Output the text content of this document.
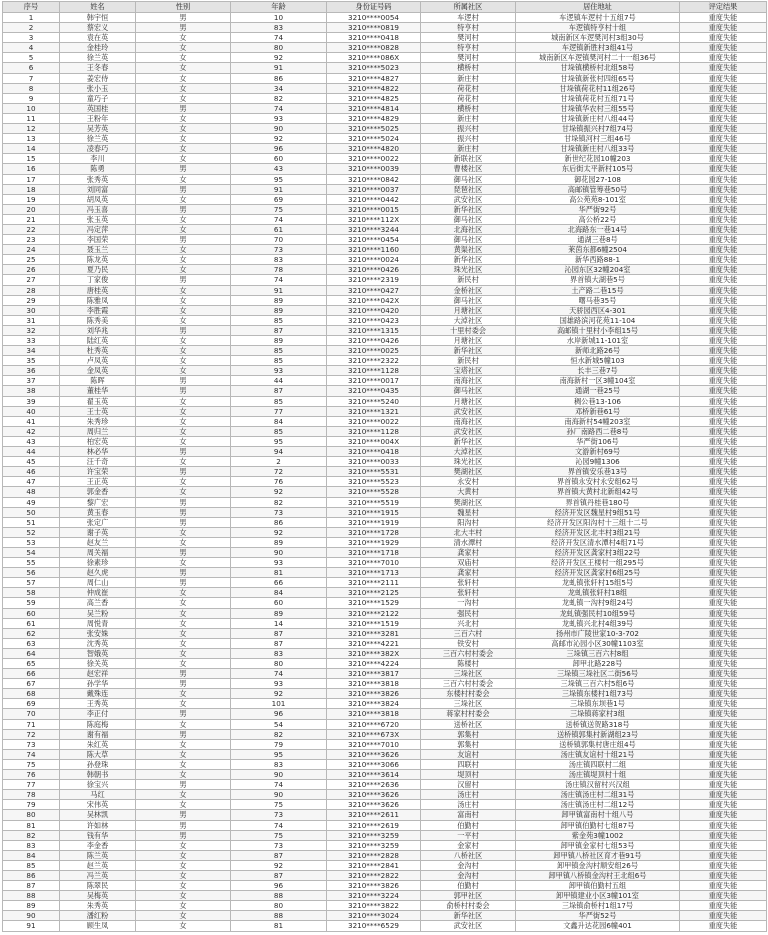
序号	姓名	性别	年龄	身份证号码	所属社区	居住地址	评定结果
1	韩宇恒	男	10	3210****0054	车逻村	车逻镇车逻村十五组7号	重度失能
2	蔡宏义	男	83	3210****0819	特亨村	车逻镇特亨村十组	重度失能
3	袁在英	女	74	3210****0418	樊河村	城南新区车逻樊河村3组30号	重度失能
4	金桂玲	女	80	3210****0828	特亨村	车逻镇新胜村3组41号	重度失能
5	徐兰英	女	92	3210****086X	樊河村	城南新区车逻镇樊河村二十一组36号	重度失能
6	王冬春	女	91	3210****5023	横桥村	甘垛镇横桥村北组58号	重度失能
7	姜宏侍	女	86	3210****4827	新庄村	甘垛镇新张村四组65号	重度失能
8	张小玉	女	34	3210****4822	荷花村	甘垛镇荷花村11组26号	重度失能
9	童巧子	女	82	3210****4825	荷花村	甘垛镇荷花村五组71号	重度失能
10	英国桂	男	74	3210****4814	横桥村	甘垛镇华农村三组55号	重度失能
11	王粉年	女	93	3210****4829	新庄村	甘垛镇新庄村八组44号	重度失能
12	吴芳英	女	90	3210****5025	振兴村	甘垛镇振兴村7组74号	重度失能
13	徐兰英	女	92	3210****5024	振兴村	甘垛镇河村三组46号	重度失能
14	凌春巧	女	96	3210****4820	新庄村	甘垛镇新庄村八组33号	重度失能
15	李川	女	60	3210****0022	新联社区	新世纪花园10幢203	重度失能
16	陈勇	男	43	3210****0039	曹楼社区	东后街太平新村105号	重度失能
17	张秀英	女	95	3210****0842	御马社区	御花园27-108	重度失能
18	刘同富	男	91	3210****0037	琵琶社区	高邮镇管筹巷50号	重度失能
19	胡凤英	女	69	3210****0442	武安社区	高公苑苑8-101室	重度失能
20	冯玉喜	男	75	3210****0015	新华社区	华严街92号	重度失能
21	张玉英	女	74	3210****112X	御马社区	高公桥22号	重度失能
22	冯定萍	女	61	3210****3244	北海社区	北海路东一巷14号	重度失能
23	李国荣	男	70	3210****0454	御马社区	通湖三巷8号	重度失能
24	聂玉兰	女	73	3210****1160	黄渠社区	莱茵东都6幢2504	重度失能
25	陈龙英	女	83	3210****0024	新华社区	新华西路88-1	重度失能
26	夏乃民	女	78	3210****0426	珠光社区	沁园东区32幢204室	重度失能
27	丁家俊	男	74	3210****2319	新民村	界首镇大湖巷5号	重度失能
28	唐桂英	女	91	3210****0427	金桥社区	土产路二巷15号	重度失能
29	陈雅凤	女	89	3210****042X	御马社区	曙马巷35号	重度失能
30	李胜霞	女	89	3210****0420	月塘社区	天骄园西区4-301	重度失能
31	陈秀美	女	85	3210****0423	大淖社区	国雄路滨河花苑11-104	重度失能
32	刘华兆	男	87	3210****1315	十里村委会	高邮镇十里村小李组15号	重度失能
33	陆红英	女	89	3210****0426	月塘社区	水岸新城11-101室	重度失能
34	杜秀英	女	85	3210****0025	新华社区	新师北路26号	重度失能
35	卢凤英	女	85	3210****2322	新民村	恒水新城5幢103	重度失能
36	金凤英	女	93	3210****1128	宝塔社区	长丰三巷7号	重度失能
37	陈晖	男	44	3210****0017	南海社区	南海新村一区3幢104室	重度失能
38	董桂华	男	87	3210****0435	御马社区	通湖一巷25号	重度失能
39	翟玉英	女	85	3210****5240	月塘社区	稠公巷13-106	重度失能
40	王士英	女	77	3210****1321	武安社区	邓桥新巷61号	重度失能
41	朱秀珍	女	84	3210****0022	南海社区	南海新村54幢203室	重度失能
42	周归兰	女	85	3210****1128	武安社区	孙厂南路西二巷8号	重度失能
43	柏宏英	女	95	3210****004X	新华社区	华严街106号	重度失能
44	林必华	男	94	3210****0418	大淖社区	文游新村69号	重度失能
45	汪千奇	女	2	3210****0033	珠光社区	沁园9幢1306	重度失能
46	许宝荣	男	72	3210****5531	樊湖社区	界首镇安乐巷13号	重度失能
47	王正英	女	76	3210****5523	永安村	界首镇永安村永安组62号	重度失能
48	郭金香	女	92	3210****5528	大黄村	界首镇大黄村北新组42号	重度失能
49	黎广宏	男	82	3210****5519	樊湖社区	界首镇丹桂巷180号	重度失能
50	黄玉春	男	73	3210****1915	魏星村	经济开发区魏星村9组51号	重度失能
51	张定广	男	86	3210****1919	阳沟村	经济开发区阳沟村十三组十二号	重度失能
52	谢子英	女	92	3210****1728	北大丰村	经济开发区北丰村3组21号	重度失能
53	赵友兰	女	89	3210****1929	清水潭村	经济开发区清水潭村4组71号	重度失能
54	周关福	男	90	3210****1718	龚家村	经济开发区龚家村3组22号	重度失能
55	徐素珍	女	93	3210****7010	双庙村	经济开发区王楼村一组295号	重度失能
56	赵久虎	男	81	3210****1713	龚家村	经济开发区龚家村6组25号	重度失能
57	周仁山	男	66	3210****2111	张轩村	龙虬镇张轩村15组5号	重度失能
58	仲成崔	女	84	3210****2125	张轩村	龙虬镇张轩村18组	重度失能
59	高兰香	女	60	3210****1529	一沟村	龙虬镇一沟村9组24号	重度失能
60	吴兰粉	女	89	3210****2122	强民村	龙虬镇强民村10组59号	重度失能
61	周悦青	女	14	3210****1519	兴北村	龙虬镇兴北村4组39号	重度失能
62	张安姝	女	87	3210****3281	三百六村	扬州市广陵世家10-3-702	重度失能
63	沈秀英	女	87	3210****4221	铁安村	高邮市沁园小区30幢1103室	重度失能
64	智娥英	女	83	3210****382X	三百六村村委会	三垛镇三百六村8组	重度失能
65	徐关英	女	80	3210****4224	陈楼村	卸甲北路228号	重度失能
66	赵宏祥	男	74	3210****3817	三垛社区	三垛镇三垛社区二街56号	重度失能
67	孙学华	男	93	3210****3818	三百六村村委会	三垛镇三百六村5组6号	重度失能
68	戴殊连	女	92	3210****3826	东楼村村委会	三垛镇东楼村1组73号	重度失能
69	王秀英	女	101	3210****3824	三垛社区	三垛镇东坝巷1号	重度失能
70	李正付	男	96	3210****3818	蒋家村村委会	三垛镇蒋家村3组	重度失能
71	陈庭梅	女	54	3210****6720	送桥社区	送桥镇送贺路318号	重度失能
72	谢有福	男	82	3210****673X	郭集村	送桥镇郭集村新湖组23号	重度失能
73	朱红英	女	79	3210****7010	郭集村	送桥镇郭集村唐庄组4号	重度失能
74	陈大草	女	95	3210****3626	友谊村	汤庄镇友谊村十组21号	重度失能
75	孙登珠	女	83	3210****3066	四联村	汤庄镇四联村二组	重度失能
76	韩朝书	女	90	3210****3614	堤顶村	汤庄镇堤顶村十组	重度失能
77	徐宝兴	男	74	3210****2636	汉留村	汤庄镇汉留村兴汉组	重度失能
78	马红	女	90	3210****3626	汤庄村	汤庄镇汤庄村二组31号	重度失能
79	宋伟英	女	75	3210****3626	汤庄村	汤庄镇汤庄村二组12号	重度失能
80	吴林凯	男	73	3210****2611	富南村	卸甲镇富南村十组八号	重度失能
81	许如林	男	74	3210****2619	伯勤村	卸甲镇伯勤村七组87号	重度失能
82	钱有华	男	75	3210****3259	一平村	紫金苑3幢1002	重度失能
83	李金香	女	73	3210****3259	金家村	卸甲镇金家村七组53号	重度失能
84	陈兰英	女	87	3210****2828	八桥社区	卸甲镇八桥社区育才巷91号	重度失能
85	赵兰英	女	92	3210****2841	金沟村	卸甲镇金沟村顺安组26号	重度失能
86	冯兰英	女	87	3210****2822	金沟村	卸甲镇八桥镇金沟村王北组6号	重度失能
87	陈翠民	女	96	3210****3826	伯勤村	卸甲镇伯勤村五组	重度失能
88	吴梅英	女	88	3210****3224	郭甲社区	卸甲镇建业小区3幢101室	重度失能
89	朱秀英	女	80	3210****3822	俞桥村村委会	三垛镇俞桥村1组17号	重度失能
90	潘红粉	女	88	3210****3024	新华社区	华严街52号	重度失能
91	顾生凤	女	81	3210****6529	武安社区	文鑫升达花园6幢401	重度失能
